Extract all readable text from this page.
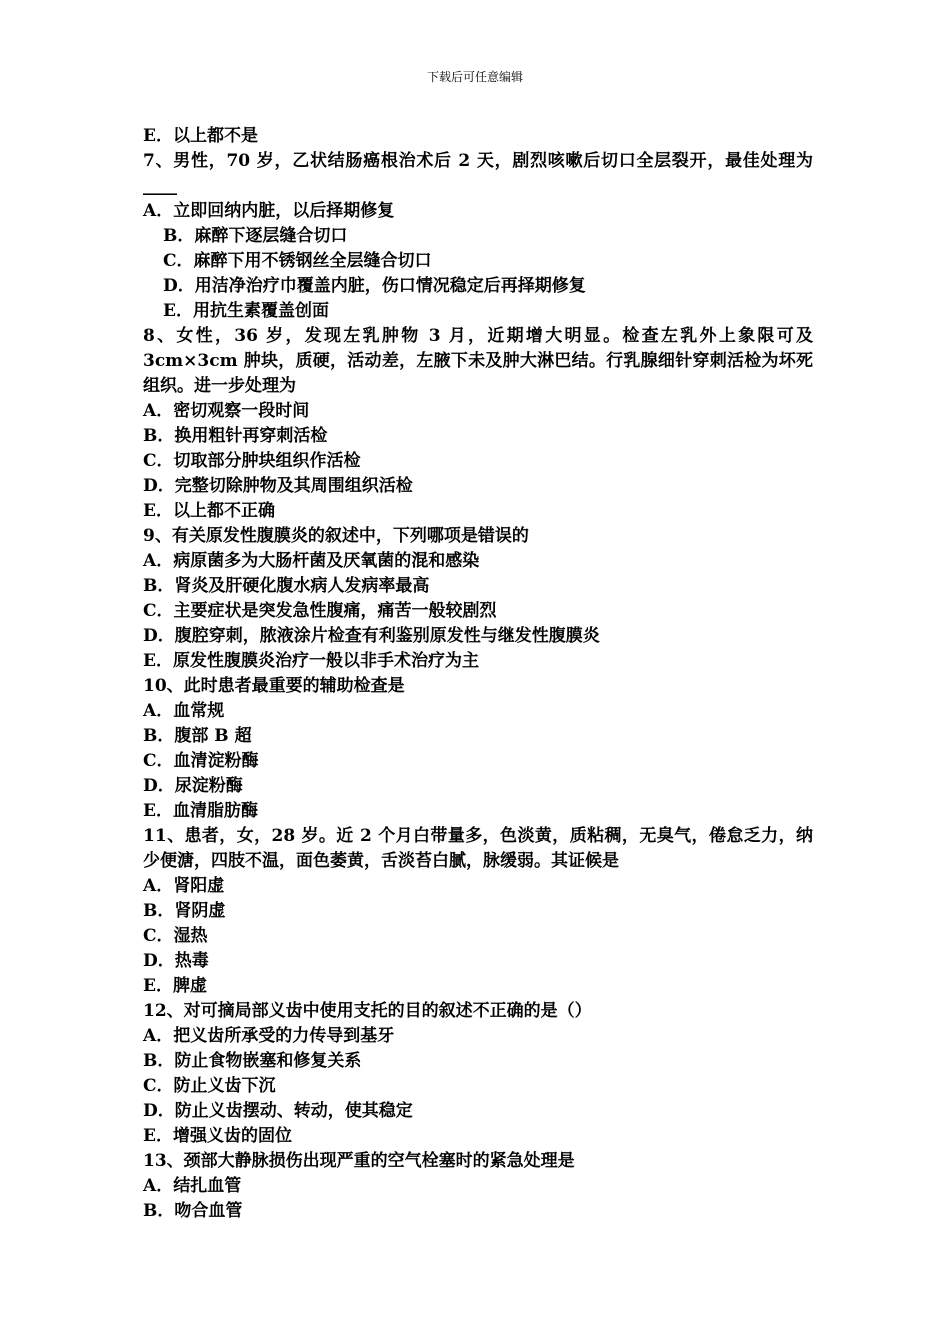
下载后可任意编辑
E．以上都不是
7、男性，70 岁，乙状结肠癌根治术后 2 天，剧烈咳嗽后切口全层裂开，最佳处理为____
A．立即回纳内脏，以后择期修复
B．麻醉下逐层缝合切口
C．麻醉下用不锈钢丝全层缝合切口
D．用洁净治疗巾覆盖内脏，伤口情况稳定后再择期修复
E．用抗生素覆盖创面
8、女性，36 岁，发现左乳肿物 3 月，近期增大明显。检查左乳外上象限可及 3cm×3cm 肿块，质硬，活动差，左腋下未及肿大淋巴结。行乳腺细针穿刺活检为坏死组织。进一步处理为
A．密切观察一段时间
B．换用粗针再穿刺活检
C．切取部分肿块组织作活检
D．完整切除肿物及其周围组织活检
E．以上都不正确
9、有关原发性腹膜炎的叙述中，下列哪项是错误的
A．病原菌多为大肠杆菌及厌氧菌的混和感染
B．肾炎及肝硬化腹水病人发病率最高
C．主要症状是突发急性腹痛，痛苦一般较剧烈
D．腹腔穿刺，脓液涂片检查有利鉴别原发性与继发性腹膜炎
E．原发性腹膜炎治疗一般以非手术治疗为主
10、此时患者最重要的辅助检查是
A．血常规
B．腹部 B 超
C．血清淀粉酶
D．尿淀粉酶
E．血清脂肪酶
11、患者，女，28 岁。近 2 个月白带量多，色淡黄，质粘稠，无臭气，倦怠乏力，纳少便溏，四肢不温，面色萎黄，舌淡苔白腻，脉缓弱。其证候是
A．肾阳虚
B．肾阴虚
C．湿热
D．热毒
E．脾虚
12、对可摘局部义齿中使用支托的目的叙述不正确的是（）
A．把义齿所承受的力传导到基牙
B．防止食物嵌塞和修复关系
C．防止义齿下沉
D．防止义齿摆动、转动，使其稳定
E．增强义齿的固位
13、颈部大静脉损伤出现严重的空气栓塞时的紧急处理是
A．结扎血管
B．吻合血管
